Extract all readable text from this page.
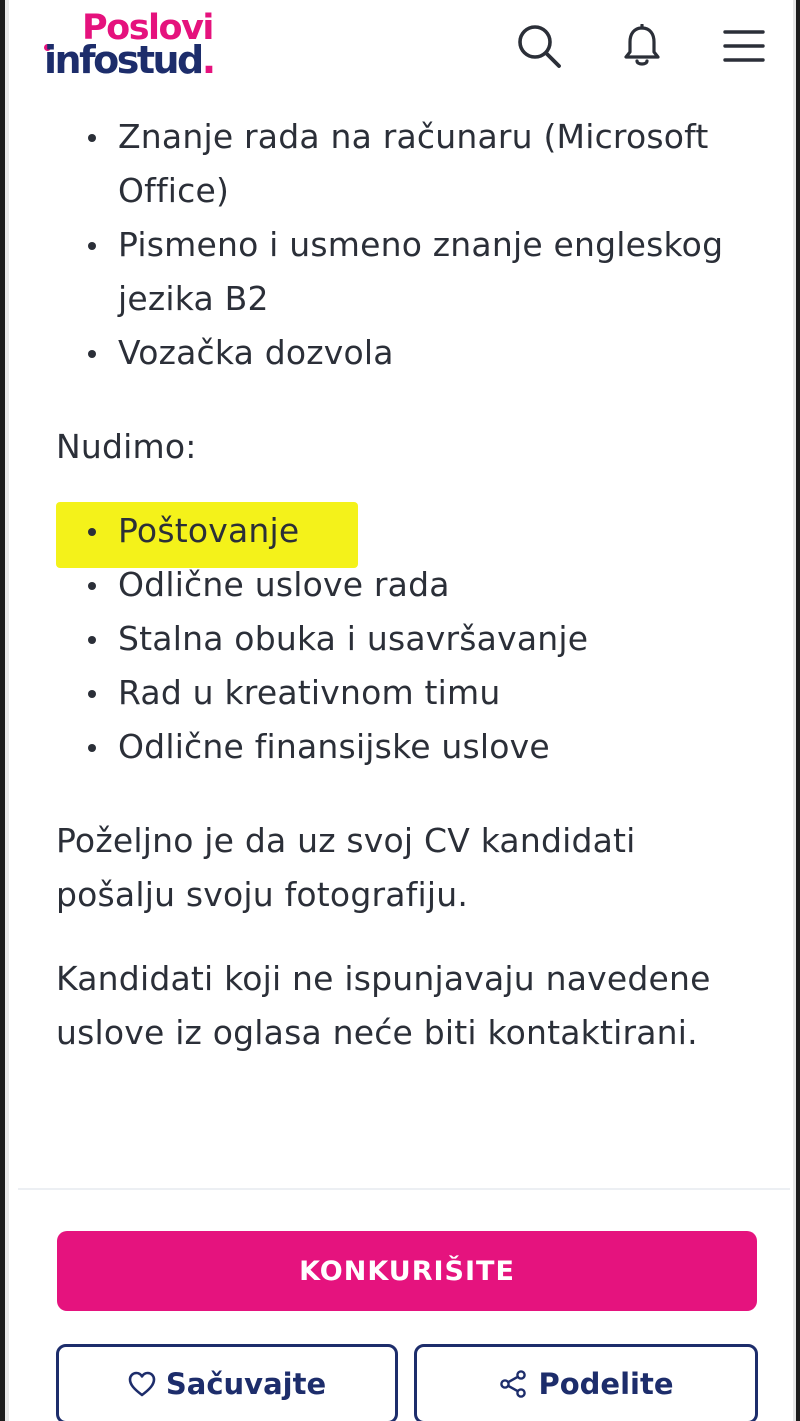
Poslovi
infostud.
Znanje rada na računaru (Microsoft Office)
Pismeno i usmeno znanje engleskog jezika B2
Vozačka dozvola

Nudimo:

Poštovanje
Odlične uslove rada
Stalna obuka i usavršavanje
Rad u kreativnom timu
Odlične finansijske uslove

Poželjno je da uz svoj CV kandidati pošalju svoju fotografiju.

Kandidati koji ne ispunjavaju navedene uslove iz oglasa neće biti kontaktirani.

KONKURIŠITE
Sačuvajte	Podelite
